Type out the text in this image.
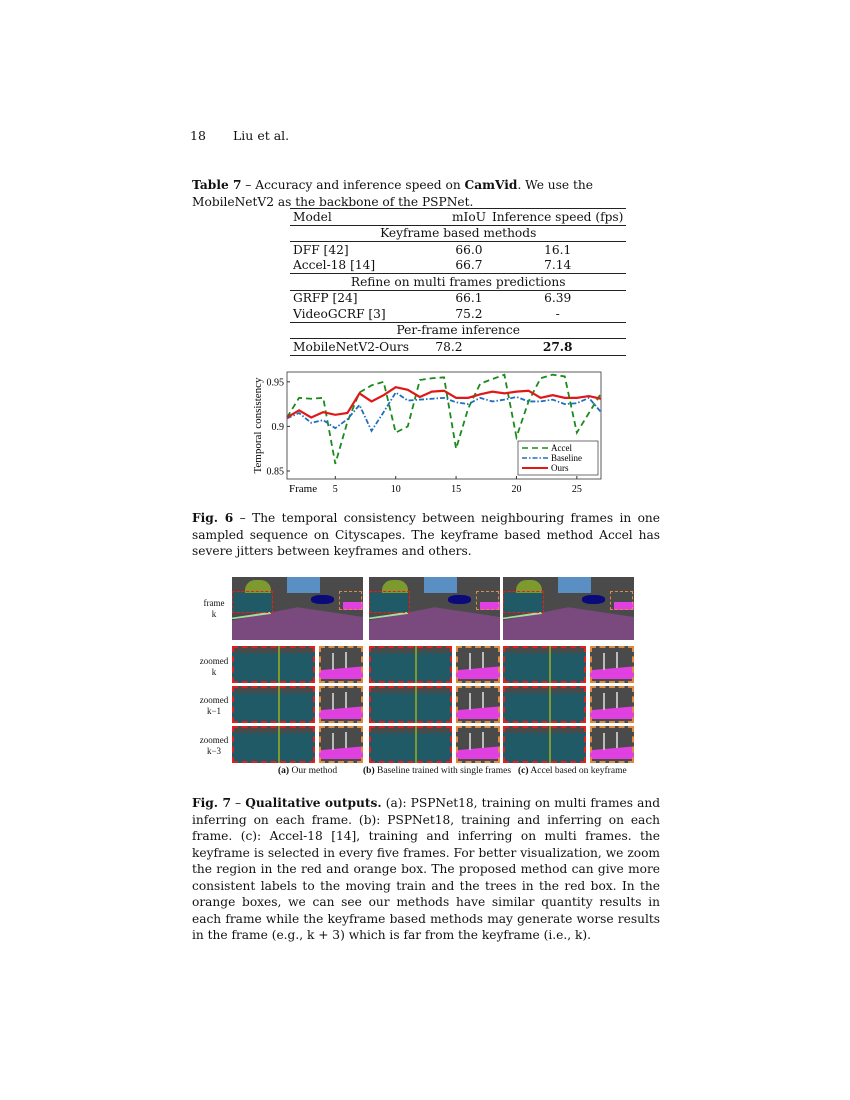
18 Liu et al.
Table 7 – Accuracy and inference speed on CamVid. We use the MobileNetV2 as the backbone of the PSPNet.
Model	mIoU	Inference speed (fps)
Keyframe based methods		
DFF [42]	66.0	16.1
Accel-18 [14]	66.7	7.14
Refine on multi frames predictions		
GRFP [24]	66.1	6.39
VideoGCRF [3]	75.2	-
Per-frame inference		
MobileNetV2-Ours	78.2	27.8
5	10	15	20	25
0.85
0.9
0.95
Frame
Temporal consistency	Accel
Baseline
Ours
Fig. 6 – The temporal consistency between neighbouring frames in one sampled sequence on Cityscapes. The keyframe based method Accel has severe jitters between keyframes and others.
frame
k
zoomed
k
zoomed
k−1
zoomed
k−3
(a) Our method	(b) Baseline trained with single frames (c) Accel based on keyframe
Fig. 7 – Qualitative outputs. (a): PSPNet18, training on multi frames and inferring on each frame. (b): PSPNet18, training and inferring on each frame. (c): Accel-18 [14], training and inferring on multi frames. the keyframe is selected in every five frames. For better visualization, we zoom the region in the red and orange box. The proposed method can give more consistent labels to the moving train and the trees in the red box. In the orange boxes, we can see our methods have similar quantity results in each frame while the keyframe based methods may generate worse results in the frame (e.g., k + 3) which is far from the keyframe (i.e., k).
